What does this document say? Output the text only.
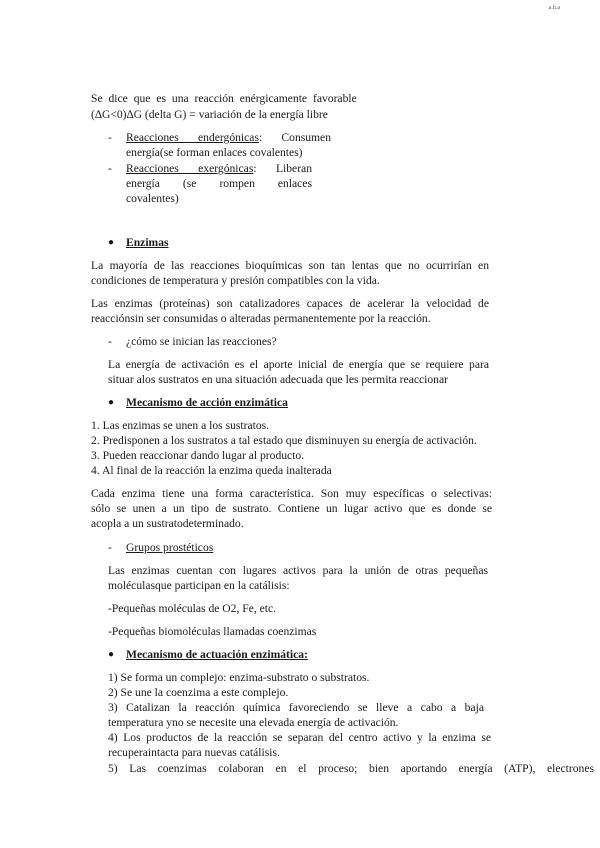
a.h.a
Se dice que es una reacción enérgicamente favorable
(∆G<0)∆G (delta G) = variación de la energía libre
- Reacciones endergónicas: Consumen
energía(se forman enlaces covalentes)
- Reacciones exergónicas: Liberan
energía (se rompen enlaces
covalentes)
● Enzimas
La mayoría de las reacciones bioquímicas son tan lentas que no ocurrirían en
condiciones de temperatura y presión compatibles con la vida.
Las enzimas (proteínas) son catalizadores capaces de acelerar la velocidad de
reacciónsin ser consumidas o alteradas permanentemente por la reacción.
- ¿cómo se inician las reacciones?
La energía de activación es el aporte inicial de energía que se requiere para
situar alos sustratos en una situación adecuada que les permita reaccionar
● Mecanismo de acción enzimática
1. Las enzimas se unen a los sustratos.
2. Predisponen a los sustratos a tal estado que disminuyen su energía de activación.
3. Pueden reaccionar dando lugar al producto.
4. Al final de la reacción la enzima queda inalterada
Cada enzima tiene una forma característica. Son muy específicas o selectivas:
sólo se unen a un tipo de sustrato. Contiene un lugar activo que es donde se
acopla a un sustratodeterminado.
- Grupos prostéticos
Las enzimas cuentan con lugares activos para la unión de otras pequeñas
moléculasque participan en la catálisis:
-Pequeñas moléculas de O2, Fe, etc.
-Pequeñas biomoléculas llamadas coenzimas
● Mecanismo de actuación enzimática:
1) Se forma un complejo: enzima-substrato o substratos.
2) Se une la coenzima a este complejo.
3) Catalizan la reacción química favoreciendo se lleve a cabo a baja
temperatura yno se necesite una elevada energía de activación.
4) Los productos de la reacción se separan del centro activo y la enzima se
recuperaintacta para nuevas catálisis.
5) Las coenzimas colaboran en el proceso; bien aportando energía (ATP), electrones
